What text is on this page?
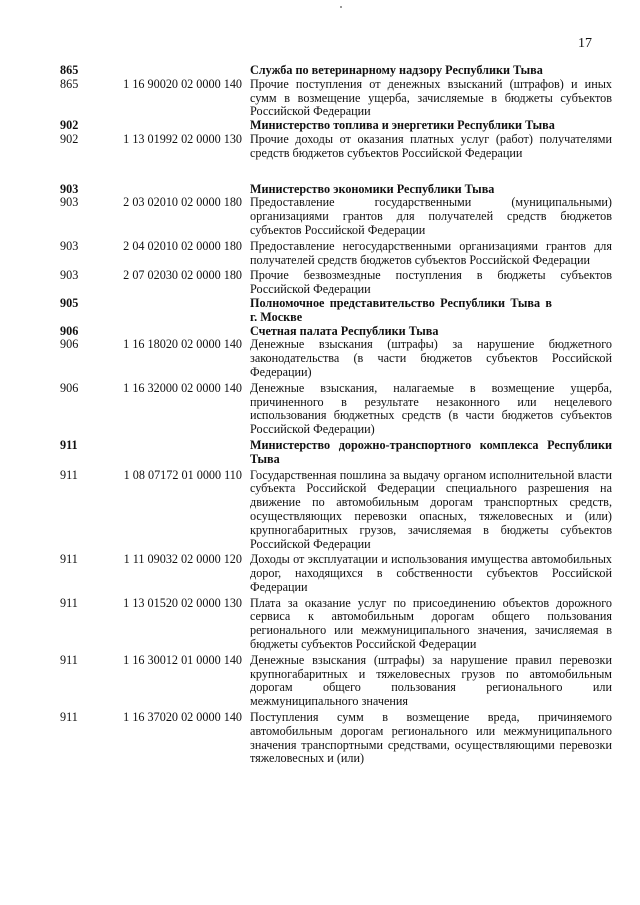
17
865	Служба по ветеринарному надзору Республики Тыва
865	1 16 90020 02 0000 140 Прочие поступления от денежных взысканий (штрафов) и иных сумм в возмещение ущерба, зачисляемые в бюджеты субъектов Российской Федерации
902	Министерство топлива и энергетики Республики Тыва
902	1 13 01992 02 0000 130 Прочие доходы от оказания платных услуг (работ) получателями средств бюджетов субъектов Российской Федерации
903	Министерство экономики Республики Тыва
903	2 03 02010 02 0000 180 Предоставление государственными (муниципальными) организациями грантов для получателей средств бюджетов субъектов Российской Федерации
903	2 04 02010 02 0000 180 Предоставление негосударственными организациями грантов для получателей средств бюджетов субъектов Российской Федерации
903	2 07 02030 02 0000 180 Прочие безвозмездные поступления в бюджеты субъектов Российской Федерации
905	Полномочное представительство Республики Тыва в г. Москве
906	Счетная палата Республики Тыва
906	1 16 18020 02 0000 140 Денежные взыскания (штрафы) за нарушение бюджетного законодательства (в части бюджетов субъектов Российской Федерации)
906	1 16 32000 02 0000 140 Денежные взыскания, налагаемые в возмещение ущерба, причиненного в результате незаконного или нецелевого использования бюджетных средств (в части бюджетов субъектов Российской Федерации)
911	Министерство дорожно-транспортного комплекса Республики Тыва
911	1 08 07172 01 0000 110 Государственная пошлина за выдачу органом исполнительной власти субъекта Российской Федерации специального разрешения на движение по автомобильным дорогам транспортных средств, осуществляющих перевозки опасных, тяжеловесных и (или) крупногабаритных грузов, зачисляемая в бюджеты субъектов Российской Федерации
911	1 11 09032 02 0000 120 Доходы от эксплуатации и использования имущества автомобильных дорог, находящихся в собственности субъектов Российской Федерации
911	1 13 01520 02 0000 130 Плата за оказание услуг по присоединению объектов дорожного сервиса к автомобильным дорогам общего пользования регионального или межмуниципального значения, зачисляемая в бюджеты субъектов Российской Федерации
911	1 16 30012 01 0000 140 Денежные взыскания (штрафы) за нарушение правил перевозки крупногабаритных и тяжеловесных грузов по автомобильным дорогам общего пользования регионального или межмуниципального значения
911	1 16 37020 02 0000 140 Поступления сумм в возмещение вреда, причиняемого автомобильным дорогам регионального или межмуниципального значения транспортными средствами, осуществляющими перевозки тяжеловесных и (или)
